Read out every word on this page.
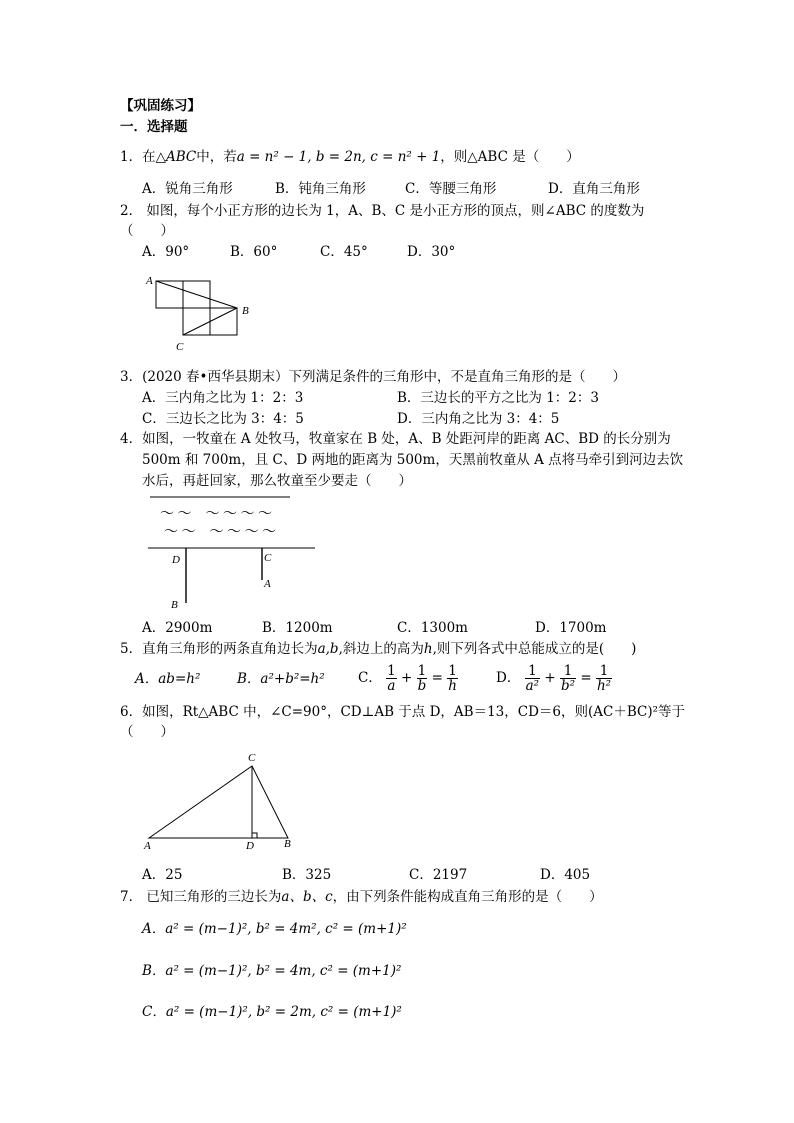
【巩固练习】
一．选择题
1．在△ABC中，若a = n² − 1, b = 2n, c = n² + 1，则△ABC 是（　　）
A．锐角三角形	B．钝角三角形	C．等腰三角形	D．直角三角形
2． 如图，每个小正方形的边长为 1，A、B、C 是小正方形的顶点，则∠ABC 的度数为
（　　）
A．90°	B．60°	C．45°	D．30°
A
B
C
3．(2020 春•西华县期末）下列满足条件的三角形中，不是直角三角形的是（　　）
A．三内角之比为 1：2：3	B．三边长的平方之比为 1：2：3
C．三边长之比为 3：4：5	D．三内角之比为 3：4：5
4．如图，一牧童在 A 处牧马，牧童家在 B 处，A、B 处距河岸的距离 AC、BD 的长分别为
500m 和 700m，且 C、D 两地的距离为 500m，天黑前牧童从 A 点将马牵引到河边去饮
水后，再赶回家，那么牧童至少要走（　　）
～ ～　～ ～ ～ ～
～ ～　～ ～ ～ ～
D	C
A
B
A．2900m	B．1200m	C．1300m	D．1700m
5．直角三角形的两条直角边长为a,b,斜边上的高为h,则下列各式中总能成立的是(　　)
A．ab=h²	B．a²+b²=h² C． $\frac{1}{a} + \frac{1}{b} = \frac{1}{h}$	D． $\frac{1}{\text{a²}} + \frac{1}{\text{b²}} = \frac{1}{\text{h²}}$
6．如图，Rt△ABC 中，∠C=90°，CD⊥AB 于点 D，AB＝13，CD＝6，则(AC＋BC)²等于
（　　）
A	B
C
D
A．25	B．325	C．2197	D．405
7． 已知三角形的三边长为a、b、c，由下列条件能构成直角三角形的是（　　）
A．a² = (m−1)², b² = 4m², c² = (m+1)²
B．a² = (m−1)², b² = 4m, c² = (m+1)²
C．a² = (m−1)², b² = 2m, c² = (m+1)²
